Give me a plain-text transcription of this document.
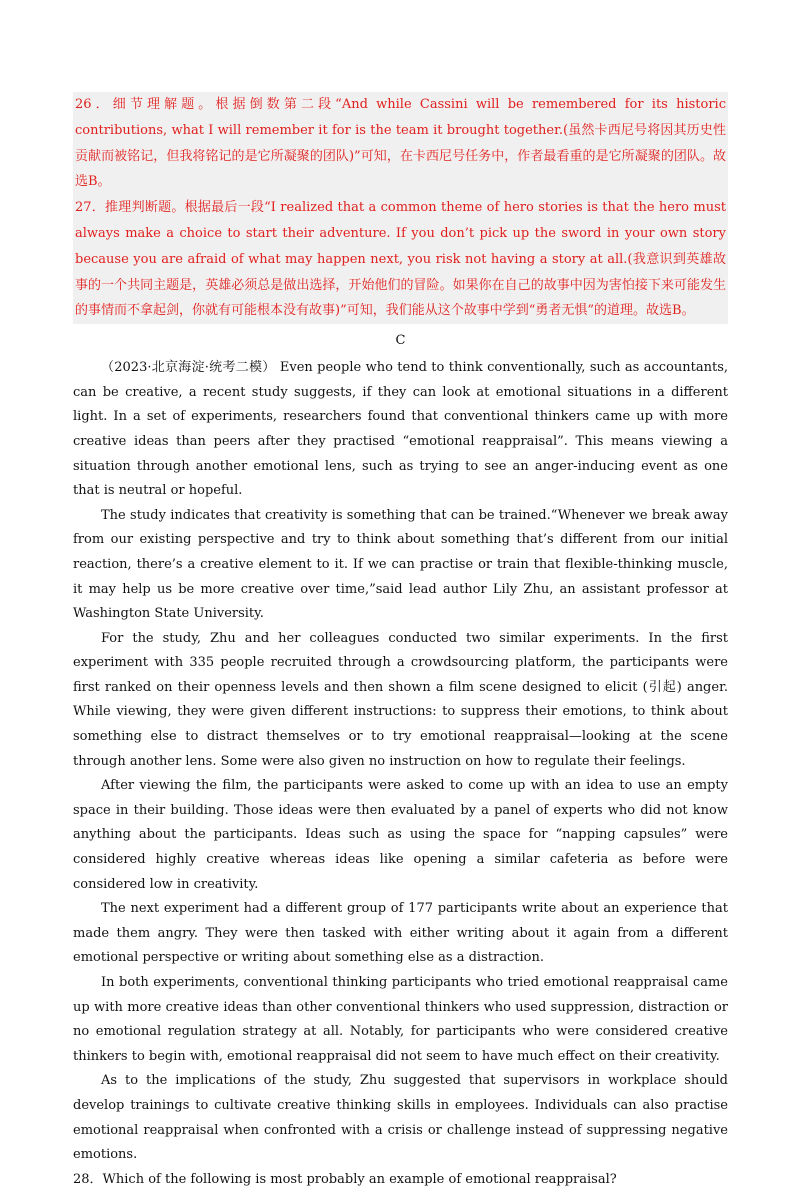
26．细节理解题。根据倒数第二段“And while Cassini will be remembered for its historic contributions, what I will remember it for is the team it brought together.(虽然卡西尼号将因其历史性贡献而被铭记，但我将铭记的是它所凝聚的团队)”可知，在卡西尼号任务中，作者最看重的是它所凝聚的团队。故选B。

27．推理判断题。根据最后一段“I realized that a common theme of hero stories is that the hero must always make a choice to start their adventure. If you don’t pick up the sword in your own story because you are afraid of what may happen next, you risk not having a story at all.(我意识到英雄故事的一个共同主题是，英雄必须总是做出选择，开始他们的冒险。如果你在自己的故事中因为害怕接下来可能发生的事情而不拿起剑，你就有可能根本没有故事)”可知，我们能从这个故事中学到“勇者无惧”的道理。故选B。

C

（2023·北京海淀·统考二模） Even people who tend to think conventionally, such as accountants, can be creative, a recent study suggests, if they can look at emotional situations in a different light. In a set of experiments, researchers found that conventional thinkers came up with more creative ideas than peers after they practised “emotional reappraisal”. This means viewing a situation through another emotional lens, such as trying to see an anger-inducing event as one that is neutral or hopeful.

The study indicates that creativity is something that can be trained.“Whenever we break away from our existing perspective and try to think about something that’s different from our initial reaction, there’s a creative element to it. If we can practise or train that flexible-thinking muscle, it may help us be more creative over time,”said lead author Lily Zhu, an assistant professor at Washington State University.

For the study, Zhu and her colleagues conducted two similar experiments. In the first experiment with 335 people recruited through a crowdsourcing platform, the participants were first ranked on their openness levels and then shown a film scene designed to elicit (引起) anger. While viewing, they were given different instructions: to suppress their emotions, to think about something else to distract themselves or to try emotional reappraisal—looking at the scene through another lens. Some were also given no instruction on how to regulate their feelings.

After viewing the film, the participants were asked to come up with an idea to use an empty space in their building. Those ideas were then evaluated by a panel of experts who did not know anything about the participants. Ideas such as using the space for “napping capsules” were considered highly creative whereas ideas like opening a similar cafeteria as before were considered low in creativity.

The next experiment had a different group of 177 participants write about an experience that made them angry. They were then tasked with either writing about it again from a different emotional perspective or writing about something else as a distraction.

In both experiments, conventional thinking participants who tried emotional reappraisal came up with more creative ideas than other conventional thinkers who used suppression, distraction or no emotional regulation strategy at all. Notably, for participants who were considered creative thinkers to begin with, emotional reappraisal did not seem to have much effect on their creativity.

As to the implications of the study, Zhu suggested that supervisors in workplace should develop trainings to cultivate creative thinking skills in employees. Individuals can also practise emotional reappraisal when confronted with a crisis or challenge instead of suppressing negative emotions.

28．Which of the following is most probably an example of emotional reappraisal?
